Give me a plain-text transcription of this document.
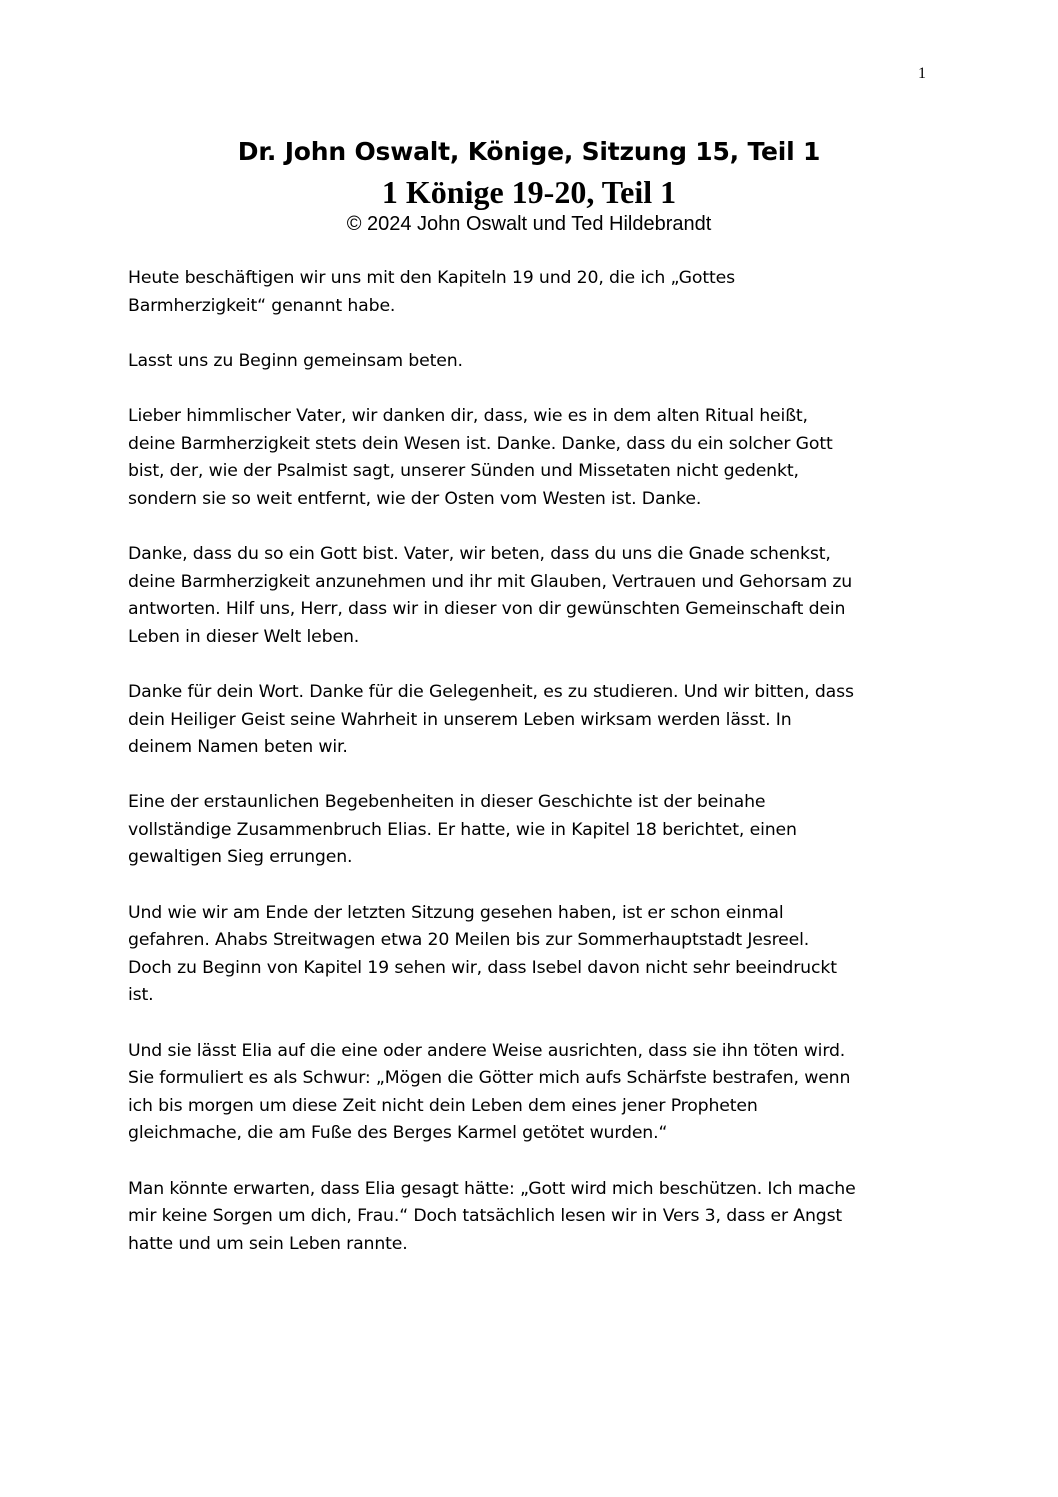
1
Dr. John Oswalt, Könige, Sitzung 15, Teil 1
1 Könige 19-20, Teil 1

© 2024 John Oswalt und Ted Hildebrandt

Heute beschäftigen wir uns mit den Kapiteln 19 und 20, die ich „Gottes
Barmherzigkeit“ genannt habe.

Lasst uns zu Beginn gemeinsam beten.

Lieber himmlischer Vater, wir danken dir, dass, wie es in dem alten Ritual heißt,
deine Barmherzigkeit stets dein Wesen ist. Danke. Danke, dass du ein solcher Gott
bist, der, wie der Psalmist sagt, unserer Sünden und Missetaten nicht gedenkt,
sondern sie so weit entfernt, wie der Osten vom Westen ist. Danke.

Danke, dass du so ein Gott bist. Vater, wir beten, dass du uns die Gnade schenkst,
deine Barmherzigkeit anzunehmen und ihr mit Glauben, Vertrauen und Gehorsam zu
antworten. Hilf uns, Herr, dass wir in dieser von dir gewünschten Gemeinschaft dein
Leben in dieser Welt leben.

Danke für dein Wort. Danke für die Gelegenheit, es zu studieren. Und wir bitten, dass
dein Heiliger Geist seine Wahrheit in unserem Leben wirksam werden lässt. In
deinem Namen beten wir.

Eine der erstaunlichen Begebenheiten in dieser Geschichte ist der beinahe
vollständige Zusammenbruch Elias. Er hatte, wie in Kapitel 18 berichtet, einen
gewaltigen Sieg errungen.

Und wie wir am Ende der letzten Sitzung gesehen haben, ist er schon einmal
gefahren. Ahabs Streitwagen etwa 20 Meilen bis zur Sommerhauptstadt Jesreel.
Doch zu Beginn von Kapitel 19 sehen wir, dass Isebel davon nicht sehr beeindruckt
ist.

Und sie lässt Elia auf die eine oder andere Weise ausrichten, dass sie ihn töten wird.
Sie formuliert es als Schwur: „Mögen die Götter mich aufs Schärfste bestrafen, wenn
ich bis morgen um diese Zeit nicht dein Leben dem eines jener Propheten
gleichmache, die am Fuße des Berges Karmel getötet wurden.“

Man könnte erwarten, dass Elia gesagt hätte: „Gott wird mich beschützen. Ich mache
mir keine Sorgen um dich, Frau.“ Doch tatsächlich lesen wir in Vers 3, dass er Angst
hatte und um sein Leben rannte.
